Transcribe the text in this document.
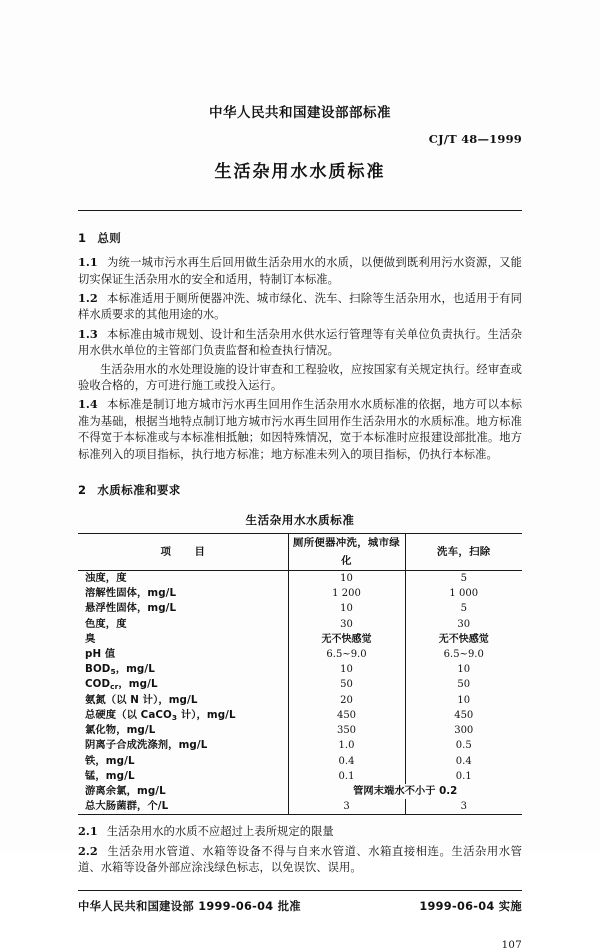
中华人民共和国建设部部标准
CJ/T 48—1999
生活杂用水水质标准
1 总则
1.1 为统一城市污水再生后回用做生活杂用水的水质，以便做到既利用污水资源，又能切实保证生活杂用水的安全和适用，特制订本标准。
1.2 本标准适用于厕所便器冲洗、城市绿化、洗车、扫除等生活杂用水，也适用于有同样水质要求的其他用途的水。
1.3 本标准由城市规划、设计和生活杂用水供水运行管理等有关单位负责执行。生活杂用水供水单位的主管部门负责监督和检查执行情况。
生活杂用水的水处理设施的设计审查和工程验收，应按国家有关规定执行。经审查或验收合格的，方可进行施工或投入运行。
1.4 本标准是制订地方城市污水再生回用作生活杂用水水质标准的依据，地方可以本标准为基础，根据当地特点制订地方城市污水再生回用作生活杂用水的水质标准。地方标准不得宽于本标准或与本标准相抵触；如因特殊情况，宽于本标准时应报建设部批准。地方标准列入的项目指标，执行地方标准；地方标准未列入的项目指标，仍执行本标准。
2 水质标准和要求
生活杂用水水质标准
项 目	厕所便器冲洗，城市绿化	洗车，扫除
浊度，度	10	5
溶解性固体，mg/L	1 200	1 000
悬浮性固体，mg/L	10	5
色度，度	30	30
臭	无不快感觉	无不快感觉
pH 值	6.5~9.0	6.5~9.0
$BOD_5$，mg/L	10	10
$COD_{cr}$，mg/L	50	50
氨氮（以 N 计），mg/L	20	10
总硬度（以 CaCO$_3$ 计），mg/L	450	450
氯化物，mg/L	350	300
阴离子合成洗涤剂，mg/L	1.0	0.5
铁，mg/L	0.4	0.4
锰，mg/L	0.1	0.1
游离余氯，mg/L	管网末端水不小于 0.2	
总大肠菌群，个/L	3	3
2.1 生活杂用水的水质不应超过上表所规定的限量
2.2 生活杂用水管道、水箱等设备不得与自来水管道、水箱直接相连。生活杂用水管道、水箱等设备外部应涂浅绿色标志，以免误饮、误用。
中华人民共和国建设部 1999-06-04 批准	1999-06-04 实施
107
